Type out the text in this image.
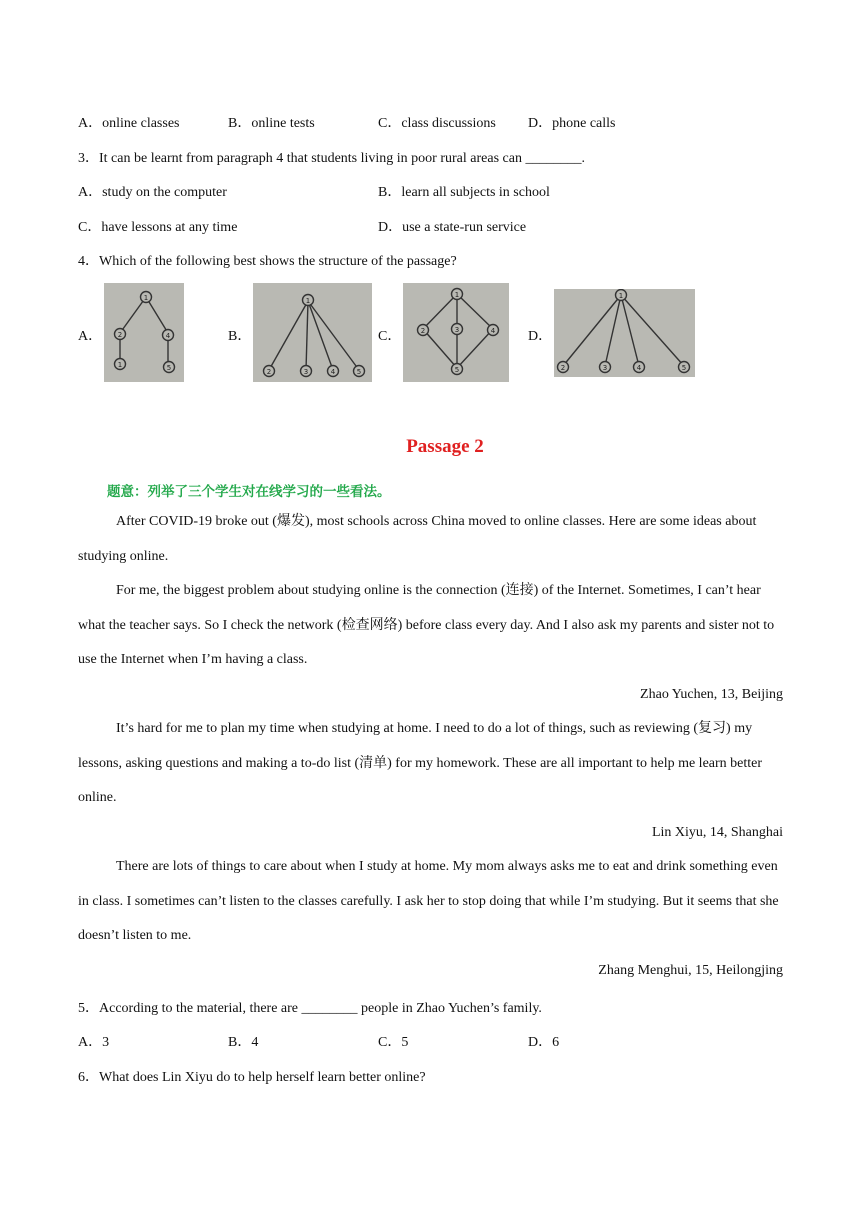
A．online classes	B．online tests	C．class discussions D．phone calls
3．It can be learnt from paragraph 4 that students living in poor rural areas can ________.
A．study on the computer	B．learn all subjects in school
C．have lessons at any time	D．use a state-run service
4．Which of the following best shows the structure of the passage?
A．
1
2	4
1	5
B．
1
2	3	4	5
C．
1
2	3	4
5
D．
1
2	3	4	5
Passage 2
题意：列举了三个学生对在线学习的一些看法。
After COVID-19 broke out (爆发), most schools across China moved to online classes. Here are some ideas about studying online.
For me, the biggest problem about studying online is the connection (连接) of the Internet. Sometimes, I can’t hear what the teacher says. So I check the network (检查网络) before class every day. And I also ask my parents and sister not to use the Internet when I’m having a class.
Zhao Yuchen, 13, Beijing
It’s hard for me to plan my time when studying at home. I need to do a lot of things, such as reviewing (复习) my lessons, asking questions and making a to-do list (清单) for my homework. These are all important to help me learn better online.
Lin Xiyu, 14, Shanghai
There are lots of things to care about when I study at home. My mom always asks me to eat and drink something even in class. I sometimes can’t listen to the classes carefully. I ask her to stop doing that while I’m studying. But it seems that she doesn’t listen to me.
Zhang Menghui, 15, Heilongjing
5．According to the material, there are ________ people in Zhao Yuchen’s family.
A．3	B．4	C．5	D．6
6．What does Lin Xiyu do to help herself learn better online?
